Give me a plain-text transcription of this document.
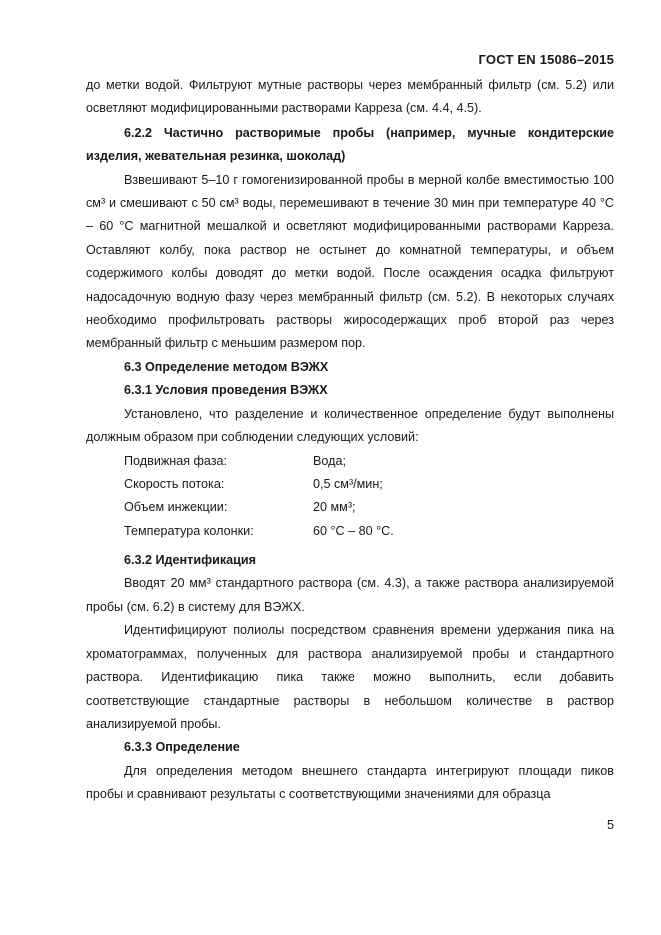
ГОСТ EN 15086–2015

до метки водой. Фильтруют мутные растворы через мембранный фильтр (см. 5.2) или осветляют модифицированными растворами Карреза (см. 4.4, 4.5).

6.2.2 Частично растворимые пробы (например, мучные кондитерские изделия, жевательная резинка, шоколад)

Взвешивают 5–10 г гомогенизированной пробы в мерной колбе вместимостью 100 см³ и смешивают с 50 см³ воды, перемешивают в течение 30 мин при температуре 40 °С – 60 °С магнитной мешалкой и осветляют модифицированными растворами Карреза. Оставляют колбу, пока раствор не остынет до комнатной температуры, и объем содержимого колбы доводят до метки водой. После осаждения осадка фильтруют надосадочную водную фазу через мембранный фильтр (см. 5.2). В некоторых случаях необходимо профильтровать растворы жиросодержащих проб второй раз через мембранный фильтр с меньшим размером пор.

6.3 Определение методом ВЭЖХ

6.3.1 Условия проведения ВЭЖХ

Установлено, что разделение и количественное определение будут выполнены должным образом при соблюдении следующих условий:

Подвижная фаза:	Вода;
Скорость потока:	0,5 см³/мин;
Объем инжекции:	20 мм³;
Температура колонки:	60 °С – 80 °С.

6.3.2 Идентификация

Вводят 20 мм³ стандартного раствора (см. 4.3), а также раствора анализируемой пробы (см. 6.2) в систему для ВЭЖХ.

Идентифицируют полиолы посредством сравнения времени удержания пика на хроматограммах, полученных для раствора анализируемой пробы и стандартного раствора. Идентификацию пика также можно выполнить, если добавить соответствующие стандартные растворы в небольшом количестве в раствор анализируемой пробы.

6.3.3 Определение

Для определения методом внешнего стандарта интегрируют площади пиков пробы и сравнивают результаты с соответствующими значениями для образца

5
